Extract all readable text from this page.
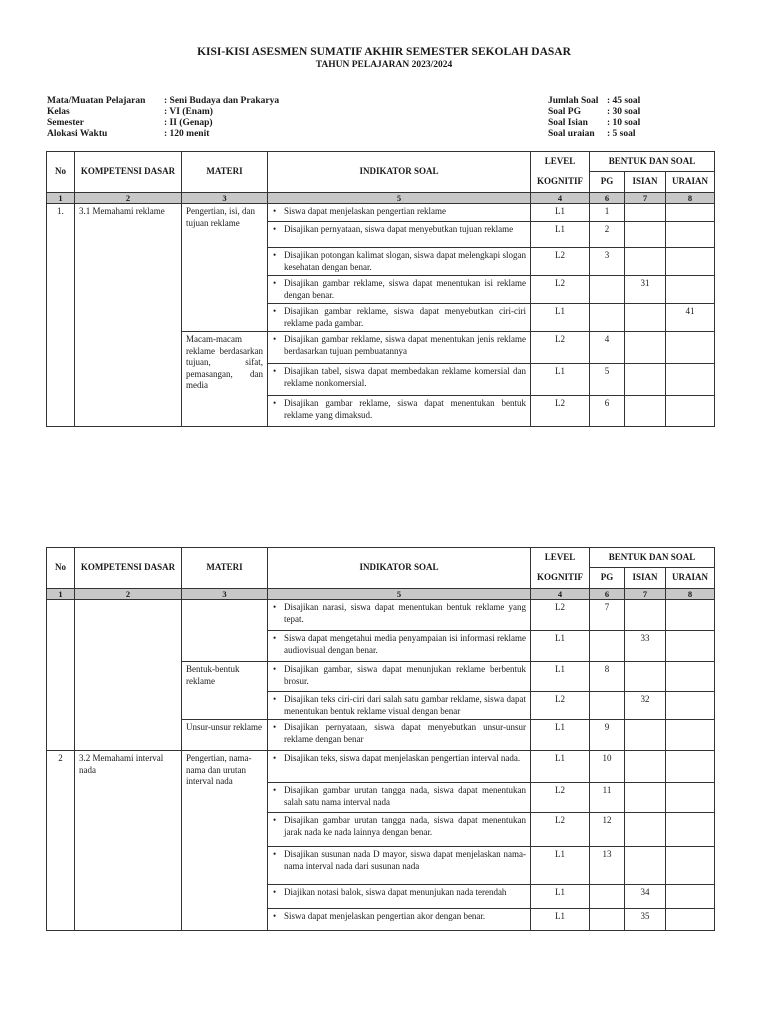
KISI-KISI ASESMEN SUMATIF AKHIR SEMESTER SEKOLAH DASAR
TAHUN PELAJARAN 2023/2024
Mata/Muatan Pelajaran : Seni Budaya dan Prakarya
Kelas	: VI (Enam)
Semester	: II (Genap)
Alokasi Waktu	: 120 menit
Jumlah Soal : 45 soal
Soal PG	: 30 soal
Soal Isian : 10 soal
Soal uraian : 5 soal
No	KOMPETENSI DASAR	MATERI	INDIKATOR SOAL	LEVEL	BENTUK DAN SOAL		
				KOGNITIF	PG	ISIAN	URAIAN
1	2	3	5	4	6	7	8
1.	3.1 Memahami reklame	Pengertian, isi, dan tujuan reklame	• Siswa dapat menjelaskan pengertian reklame	L1	1		

			• Disajikan pernyataan, siswa dapat menyebutkan tujuan reklame	L1	2		

			• Disajikan potongan kalimat slogan, siswa dapat melengkapi slogan kesehatan dengan benar.	L2	3		

			• Disajikan gambar reklame, siswa dapat menentukan isi reklame dengan benar.	L2		31	

			• Disajikan gambar reklame, siswa dapat menyebutkan ciri-ciri reklame pada gambar.	L1			41
		Macam-macam reklame berdasarkan tujuan, sifat, pemasangan, dan media	• Disajikan gambar reklame, siswa dapat menentukan jenis reklame berdasarkan tujuan pembuatannya	L2	4		

			• Disajikan tabel, siswa dapat membedakan reklame komersial dan reklame nonkomersial.	L1	5		

			• Disajikan gambar reklame, siswa dapat menentukan bentuk reklame yang dimaksud.	L2	6		
No	KOMPETENSI DASAR	MATERI	INDIKATOR SOAL	LEVEL	BENTUK DAN SOAL		
				KOGNITIF	PG	ISIAN	URAIAN
1	2	3	5	4	6	7	8

			• Disajikan narasi, siswa dapat menentukan bentuk reklame yang tepat.	L2	7		

			• Siswa dapat mengetahui media penyampaian isi informasi reklame audiovisual dengan benar.	L1		33	
		Bentuk-bentuk reklame	• Disajikan gambar, siswa dapat menunjukan reklame berbentuk brosur.	L1	8		

			• Disajikan teks ciri-ciri dari salah satu gambar reklame, siswa dapat menentukan bentuk reklame visual dengan benar	L2		32	
		Unsur-unsur reklame	• Disajikan pernyataan, siswa dapat menyebutkan unsur-unsur reklame dengan benar	L1	9		
2	3.2 Memahami interval nada	Pengertian, nama-nama dan urutan interval nada	• Disajikan teks, siswa dapat menjelaskan pengertian interval nada.	L1	10		

			• Disajikan gambar urutan tangga nada, siswa dapat menentukan salah satu nama interval nada	L2	11		

			• Disajikan gambar urutan tangga nada, siswa dapat menentukan jarak nada ke nada lainnya dengan benar.	L2	12		

			• Disajikan susunan nada D mayor, siswa dapat menjelaskan nama-nama interval nada dari susunan nada	L1	13		

			• Diajikan notasi balok, siswa dapat menunjukan nada terendah	L1		34	

			• Siswa dapat menjelaskan pengertian akor dengan benar.	L1		35	
